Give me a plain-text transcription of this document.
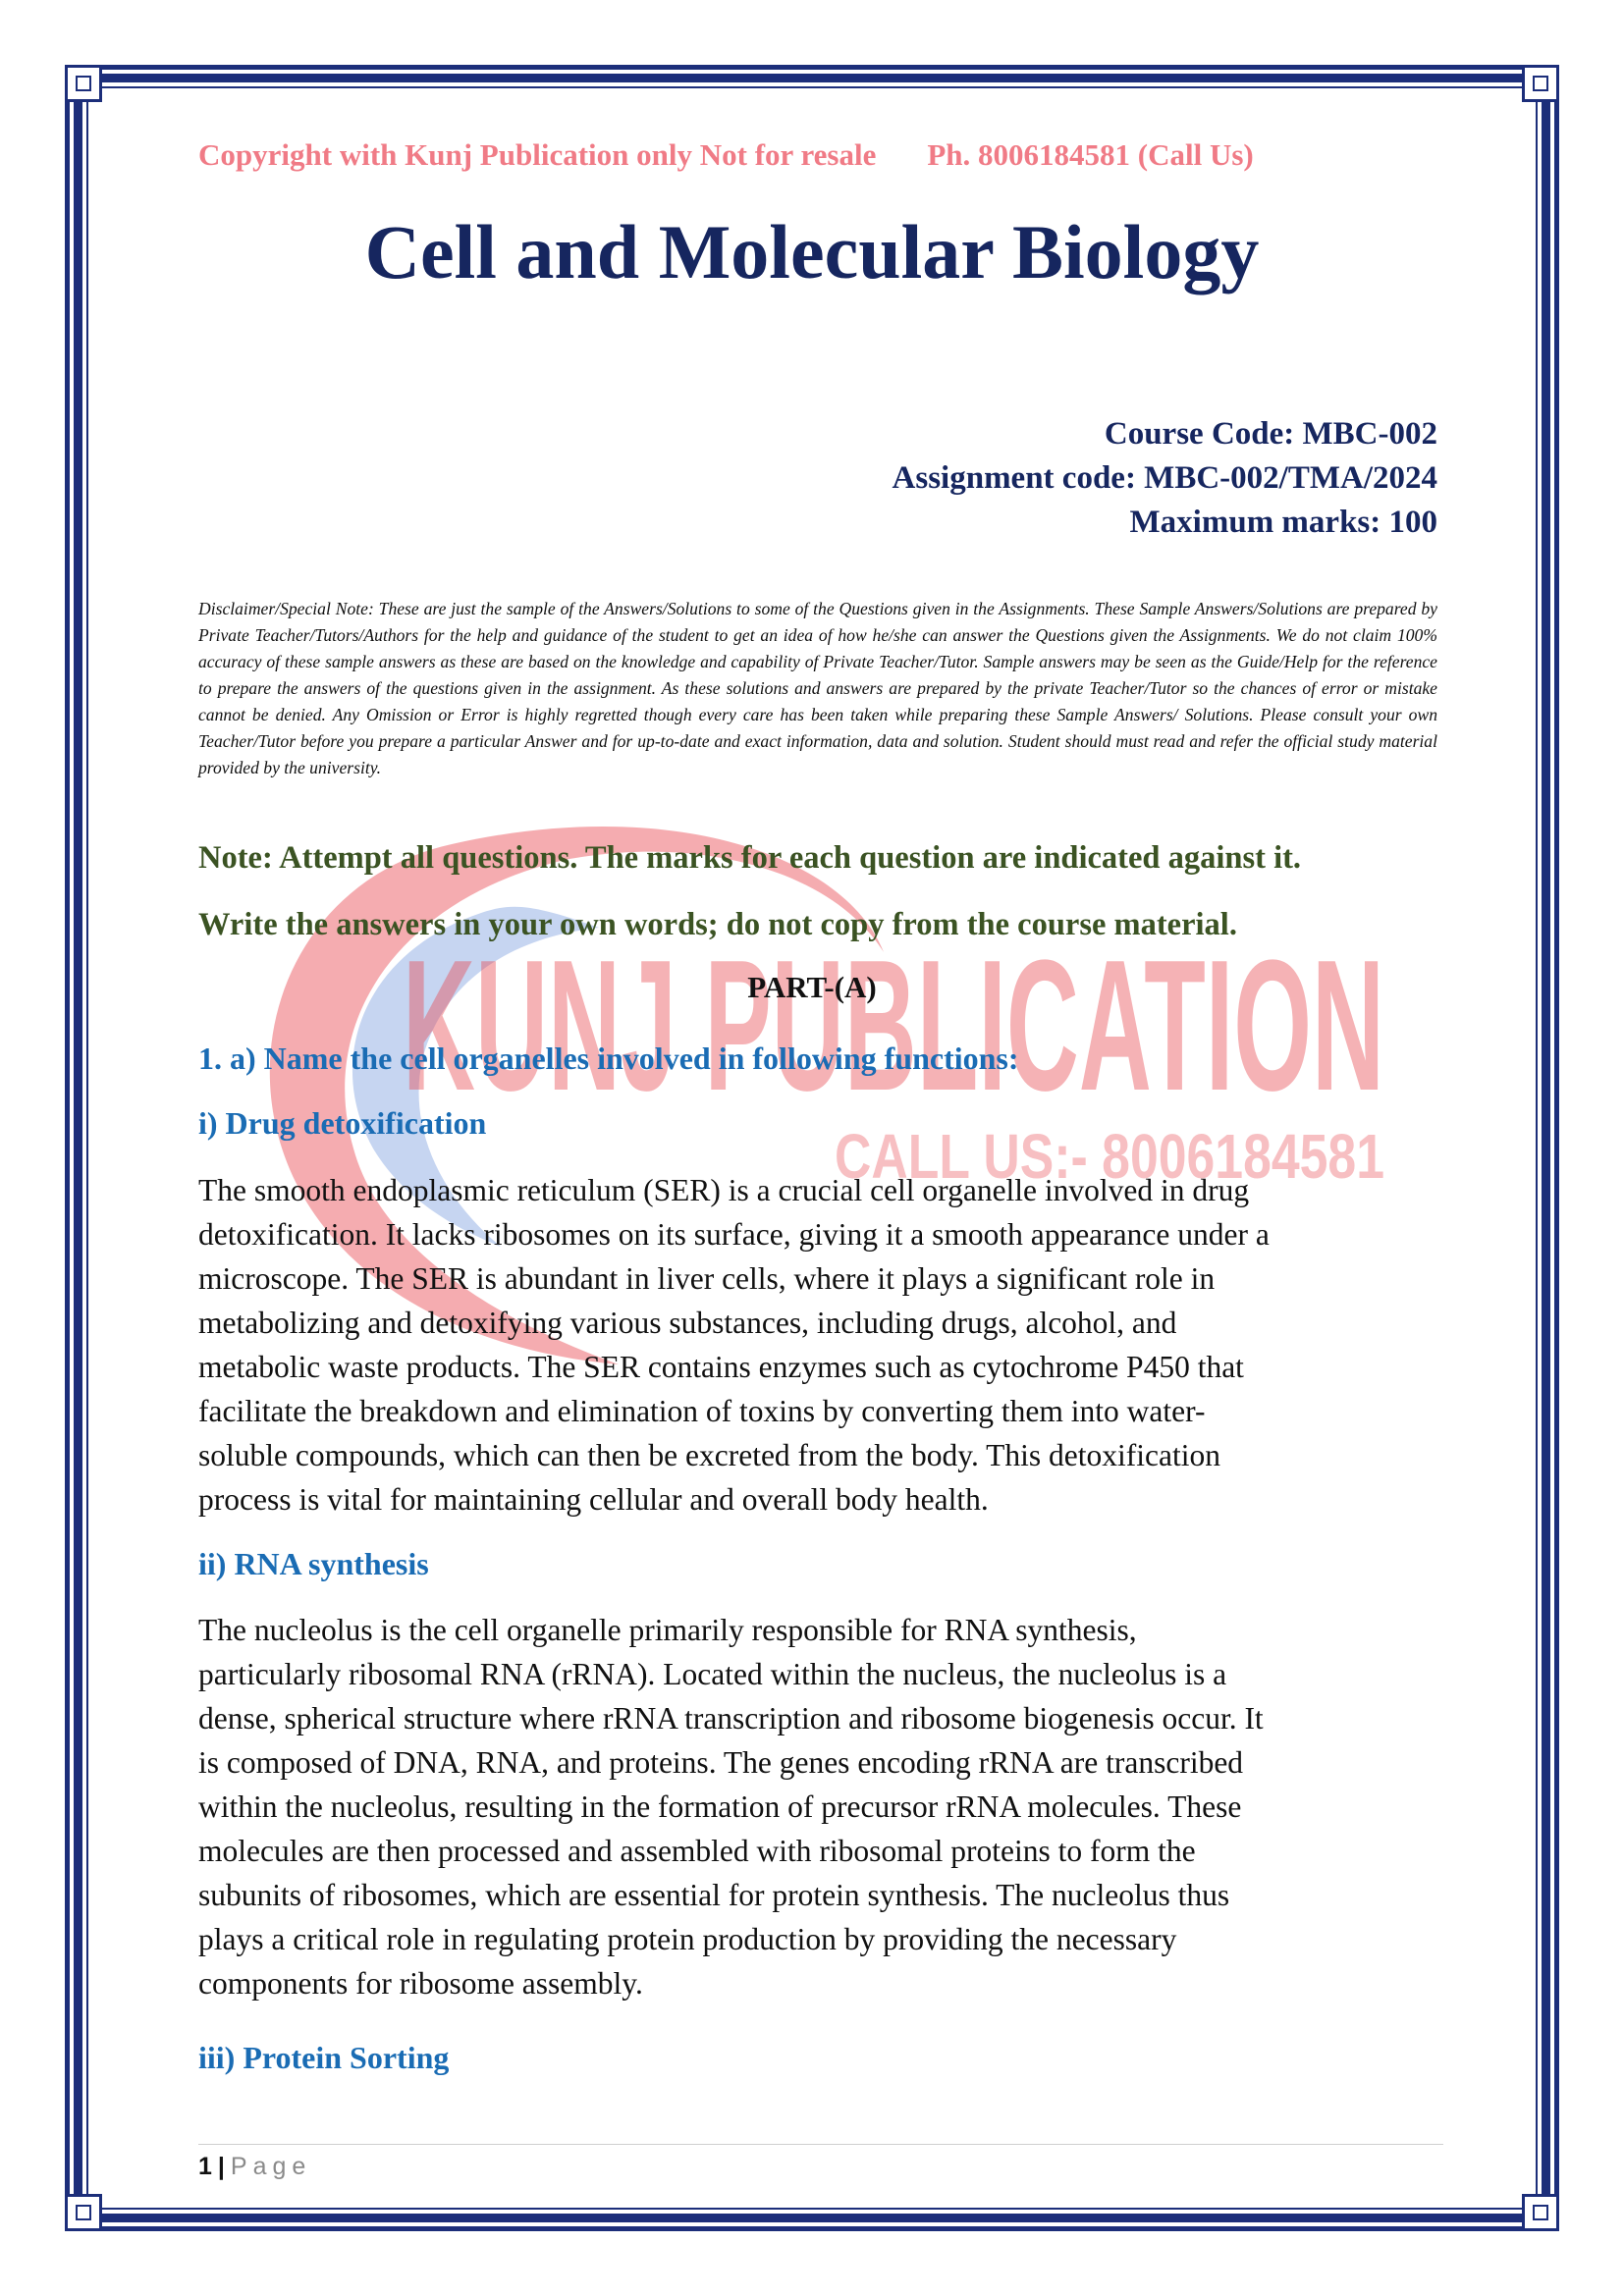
KUNJ PUBLICATION
CALL US:- 8006184581
Copyright with Kunj Publication only Not for resale Ph. 8006184581 (Call Us)
Cell and Molecular Biology
Course Code: MBC-002
Assignment code: MBC-002/TMA/2024
Maximum marks: 100

Disclaimer/Special Note: These are just the sample of the Answers/Solutions to some of the Questions given in the Assignments. These Sample Answers/Solutions are prepared by Private Teacher/Tutors/Authors for the help and guidance of the student to get an idea of how he/she can answer the Questions given the Assignments. We do not claim 100% accuracy of these sample answers as these are based on the knowledge and capability of Private Teacher/Tutor. Sample answers may be seen as the Guide/Help for the reference to prepare the answers of the questions given in the assignment. As these solutions and answers are prepared by the private Teacher/Tutor so the chances of error or mistake cannot be denied. Any Omission or Error is highly regretted though every care has been taken while preparing these Sample Answers/ Solutions. Please consult your own Teacher/Tutor before you prepare a particular Answer and for up-to-date and exact information, data and solution. Student should must read and refer the official study material provided by the university.

Note: Attempt all questions. The marks for each question are indicated against it.

Write the answers in your own words; do not copy from the course material.

PART-(A)

1. a) Name the cell organelles involved in following functions:
i) Drug detoxification

The smooth endoplasmic reticulum (SER) is a crucial cell organelle involved in drug
detoxification. It lacks ribosomes on its surface, giving it a smooth appearance under a
microscope. The SER is abundant in liver cells, where it plays a significant role in
metabolizing and detoxifying various substances, including drugs, alcohol, and
metabolic waste products. The SER contains enzymes such as cytochrome P450 that
facilitate the breakdown and elimination of toxins by converting them into water-
soluble compounds, which can then be excreted from the body. This detoxification
process is vital for maintaining cellular and overall body health.

ii) RNA synthesis

The nucleolus is the cell organelle primarily responsible for RNA synthesis,
particularly ribosomal RNA (rRNA). Located within the nucleus, the nucleolus is a
dense, spherical structure where rRNA transcription and ribosome biogenesis occur. It
is composed of DNA, RNA, and proteins. The genes encoding rRNA are transcribed
within the nucleolus, resulting in the formation of precursor rRNA molecules. These
molecules are then processed and assembled with ribosomal proteins to form the
subunits of ribosomes, which are essential for protein synthesis. The nucleolus thus
plays a critical role in regulating protein production by providing the necessary
components for ribosome assembly.

iii) Protein Sorting
1 | Page
